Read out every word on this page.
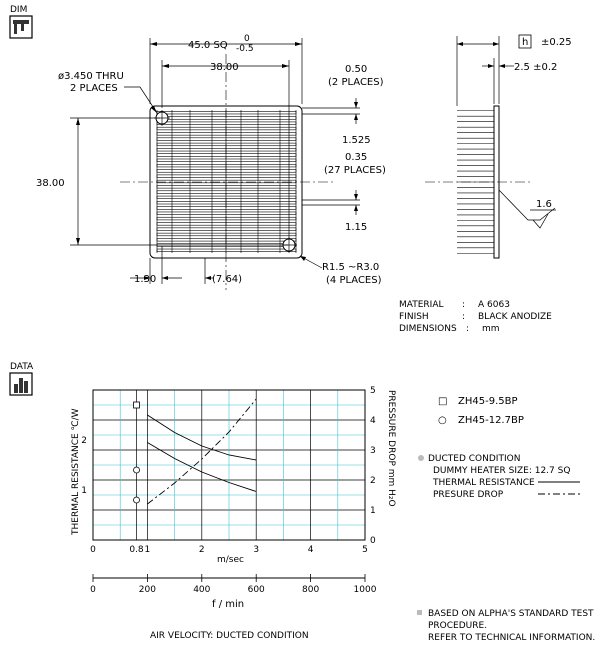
DIM
45.0 SQ
0
-0.5
38.00
ø3.450 THRU
2 PLACES
38.00
0.50
(2 PLACES)
1.525
0.35
(27 PLACES)
1.15
1.30	(7.64)
R1.5 ~R3.0
(4 PLACES)
h ±0.25
2.5 ±0.2
1.6
MATERIAL : A 6063
FINISH	: BLACK ANODIZE
DIMENSIONS : mm
DATA
0	0.8 1	2	3	4	5
1
2
0
1
2
3
4
5
THERMAL RESISTANCE ℃/W	PRESSURE DROP mm H₂O
m/sec
0	200	400	600	800	1000
f / min
AIR VELOCITY: DUCTED CONDITION
□ ZH45-9.5BP
○ ZH45-12.7BP
DUCTED CONDITION
DUMMY HEATER SIZE: 12.7 SQ
THERMAL RESISTANCE
PRESURE DROP
BASED ON ALPHA'S STANDARD TEST
PROCEDURE.
REFER TO TECHNICAL INFORMATION.
